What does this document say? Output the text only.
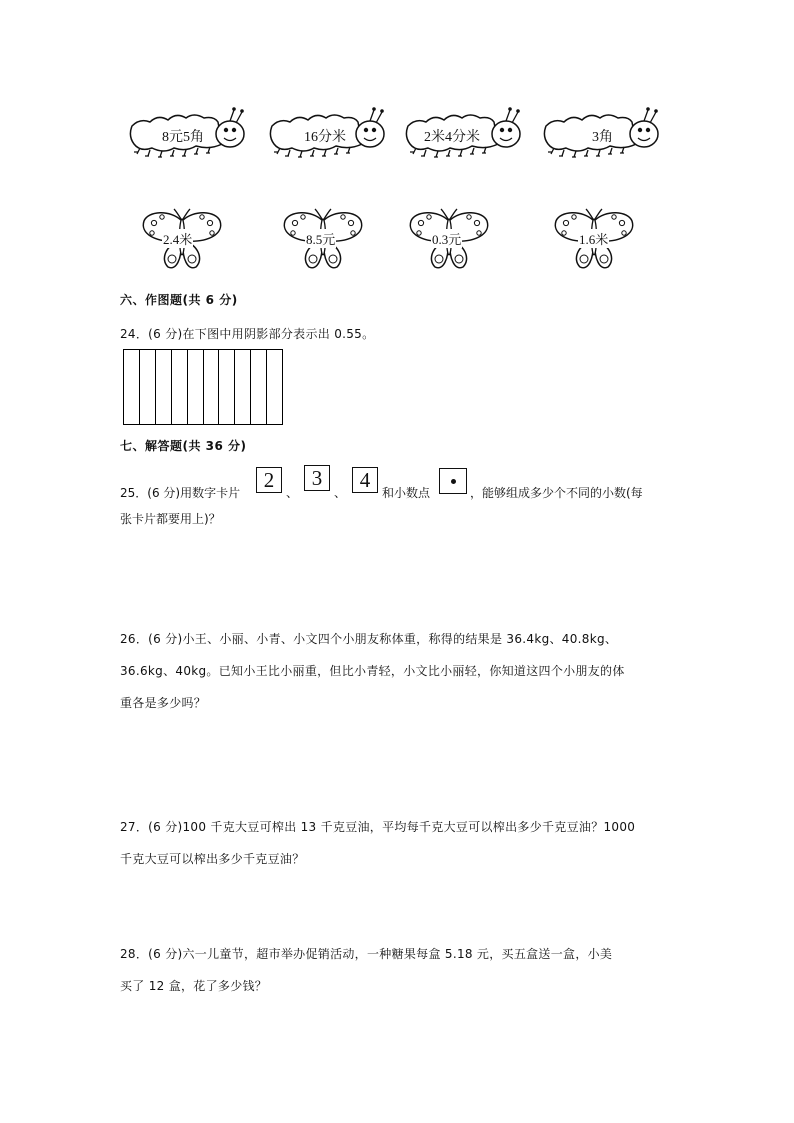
8元5角	16分米	2米4分米	3角
2.4米	8.5元	0.3元	1.6米
六、作图题(共 6 分)
24．(6 分)在下图中用阴影部分表示出 0.55。
七、解答题(共 36 分)
25．(6 分)用数字卡片
2
、
3
、
4
和小数点	，能够组成多少个不同的小数(每
张卡片都要用上)？
26．(6 分)小王、小丽、小青、小文四个小朋友称体重，称得的结果是 36.4kg、40.8kg、
36.6kg、40kg。已知小王比小丽重，但比小青轻，小文比小丽轻，你知道这四个小朋友的体
重各是多少吗？
27．(6 分)100 千克大豆可榨出 13 千克豆油，平均每千克大豆可以榨出多少千克豆油？1000
千克大豆可以榨出多少千克豆油？
28．(6 分)六一儿童节，超市举办促销活动，一种糖果每盒 5.18 元，买五盒送一盒，小美
买了 12 盒，花了多少钱？
